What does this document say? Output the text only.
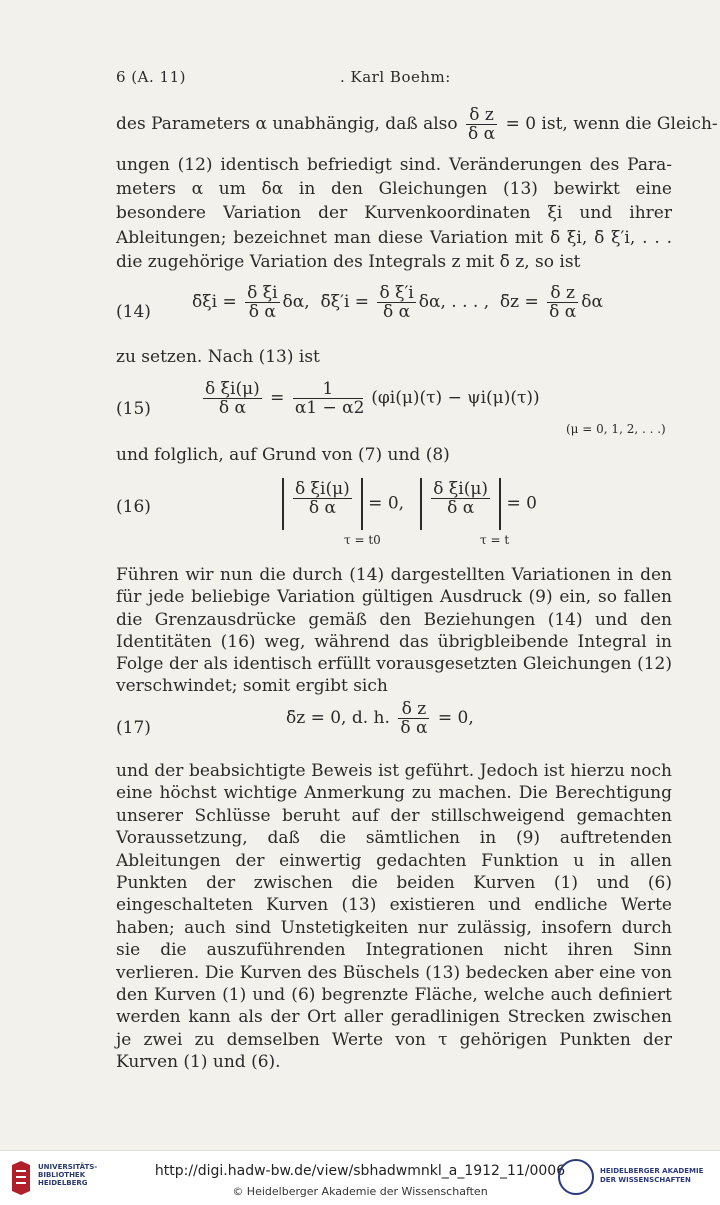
6 (A. 11)	. Karl Boehm:
des Parameters α unabhängig, daß also $\frac{\text{δ z}}{\text{δ α}} = 0$ ist, wenn die Gleich-

ungen (12) identisch befriedigt sind. Veränderungen des Parameters α um δα in den Gleichungen (13) bewirkt eine besondere Variation der Kurvenkoordinaten ξi und ihrer Ableitungen; bezeichnet man diese Variation mit δ̄ ξi, δ̄ ξ′i, . . . die zugehörige Variation des Integrals z mit δ̄ z, so ist

(14) δ̄ξi = $\frac{\text{δ ξi}}{\text{δ α}} \delta\alpha$, δ̄ξ′i = $\frac{\text{δ ξ′i}}{\text{δ α}} \delta\alpha$, . . . , δ̄z = $\frac{\text{δ z}}{\text{δ α}}$ δα

zu setzen. Nach (13) ist

(15)	$\frac{\text{δ ξi(μ)}}{\text{δ α}} = \frac{1}{\alpha 1 - \alpha 2} (\varphi i(\mu)(\tau) - \psi i(\mu)(\tau))$
(μ = 0, 1, 2, . . .)

und folglich, auf Grund von (7) und (8)

(16)	$\frac{\text{δ ξi(μ)}}{\text{δ α}} = 0$, $\frac{\text{δ ξi(μ)}}{\text{δ α}} = 0$
τ = t0	τ = t

Führen wir nun die durch (14) dargestellten Variationen in den für jede beliebige Variation gültigen Ausdruck (9) ein, so fallen die Grenzausdrücke gemäß den Beziehungen (14) und den Identitäten (16) weg, während das übrigbleibende Integral in Folge der als identisch erfüllt vorausgesetzten Gleichungen (12) verschwindet; somit ergibt sich

(17)	δ̄z = 0, d. h. $\frac{\text{δ z}}{\text{δ α}} = 0$,

und der beabsichtigte Beweis ist geführt. Jedoch ist hierzu noch eine höchst wichtige Anmerkung zu machen. Die Berechtigung unserer Schlüsse beruht auf der stillschweigend gemachten Voraussetzung, daß die sämtlichen in (9) auftretenden Ableitungen der einwertig gedachten Funktion u in allen Punkten der zwischen die beiden Kurven (1) und (6) eingeschalteten Kurven (13) existieren und endliche Werte haben; auch sind Unstetigkeiten nur zulässig, insofern durch sie die auszuführenden Integrationen nicht ihren Sinn verlieren. Die Kurven des Büschels (13) bedecken aber eine von den Kurven (1) und (6) begrenzte Fläche, welche auch definiert werden kann als der Ort aller geradlinigen Strecken zwischen je zwei zu demselben Werte von τ gehörigen Punkten der Kurven (1) und (6).

UNIVERSITÄTS- BIBLIOTHEK HEIDELBERG
http://digi.hadw-bw.de/view/sbhadwmnkl_a_1912_11/0006
© Heidelberger Akademie der Wissenschaften
HEIDELBERGER AKADEMIE DER WISSENSCHAFTEN
